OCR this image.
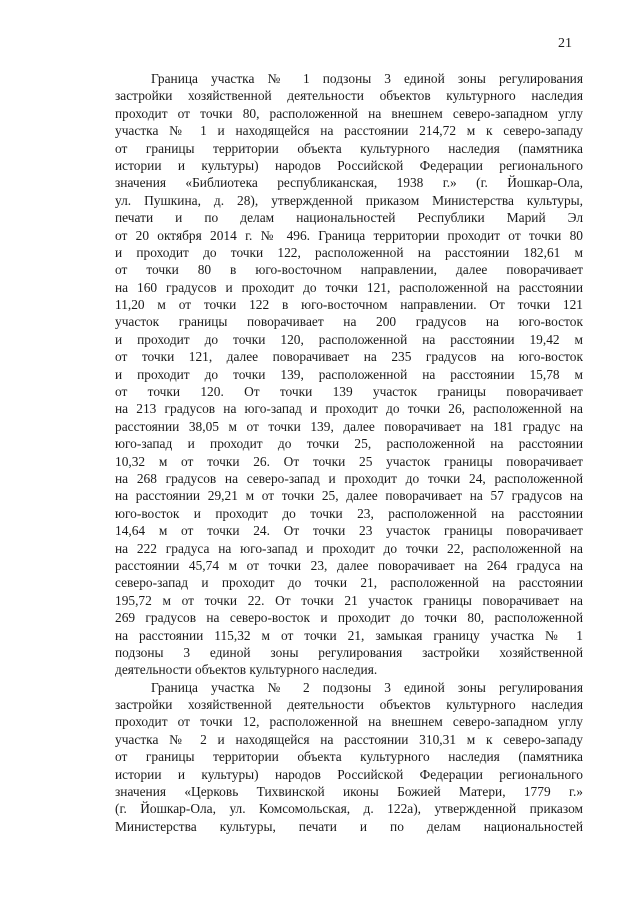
21

Граница участка № 1 подзоны 3 единой зоны регулирования
застройки хозяйственной деятельности объектов культурного наследия
проходит от точки 80, расположенной на внешнем северо-западном углу
участка № 1 и находящейся на расстоянии 214,72 м к северо-западу
от границы территории объекта культурного наследия (памятника
истории и культуры) народов Российской Федерации регионального
значения «Библиотека республиканская, 1938 г.» (г. Йошкар-Ола,
ул. Пушкина, д. 28), утвержденной приказом Министерства культуры,
печати и по делам национальностей Республики Марий Эл
от 20 октября 2014 г. № 496. Граница территории проходит от точки 80
и проходит до точки 122, расположенной на расстоянии 182,61 м
от точки 80 в юго-восточном направлении, далее поворачивает
на 160 градусов и проходит до точки 121, расположенной на расстоянии
11,20 м от точки 122 в юго-восточном направлении. От точки 121
участок границы поворачивает на 200 градусов на юго-восток
и проходит до точки 120, расположенной на расстоянии 19,42 м
от точки 121, далее поворачивает на 235 градусов на юго-восток
и проходит до точки 139, расположенной на расстоянии 15,78 м
от точки 120. От точки 139 участок границы поворачивает
на 213 градусов на юго-запад и проходит до точки 26, расположенной на
расстоянии 38,05 м от точки 139, далее поворачивает на 181 градус на
юго-запад и проходит до точки 25, расположенной на расстоянии
10,32 м от точки 26. От точки 25 участок границы поворачивает
на 268 градусов на северо-запад и проходит до точки 24, расположенной
на расстоянии 29,21 м от точки 25, далее поворачивает на 57 градусов на
юго-восток и проходит до точки 23, расположенной на расстоянии
14,64 м от точки 24. От точки 23 участок границы поворачивает
на 222 градуса на юго-запад и проходит до точки 22, расположенной на
расстоянии 45,74 м от точки 23, далее поворачивает на 264 градуса на
северо-запад и проходит до точки 21, расположенной на расстоянии
195,72 м от точки 22. От точки 21 участок границы поворачивает на
269 градусов на северо-восток и проходит до точки 80, расположенной
на расстоянии 115,32 м от точки 21, замыкая границу участка № 1
подзоны 3 единой зоны регулирования застройки хозяйственной
деятельности объектов культурного наследия.

Граница участка № 2 подзоны 3 единой зоны регулирования
застройки хозяйственной деятельности объектов культурного наследия
проходит от точки 12, расположенной на внешнем северо-западном углу
участка № 2 и находящейся на расстоянии 310,31 м к северо-западу
от границы территории объекта культурного наследия (памятника
истории и культуры) народов Российской Федерации регионального
значения «Церковь Тихвинской иконы Божией Матери, 1779 г.»
(г. Йошкар-Ола, ул. Комсомольская, д. 122а), утвержденной приказом
Министерства культуры, печати и по делам национальностей
